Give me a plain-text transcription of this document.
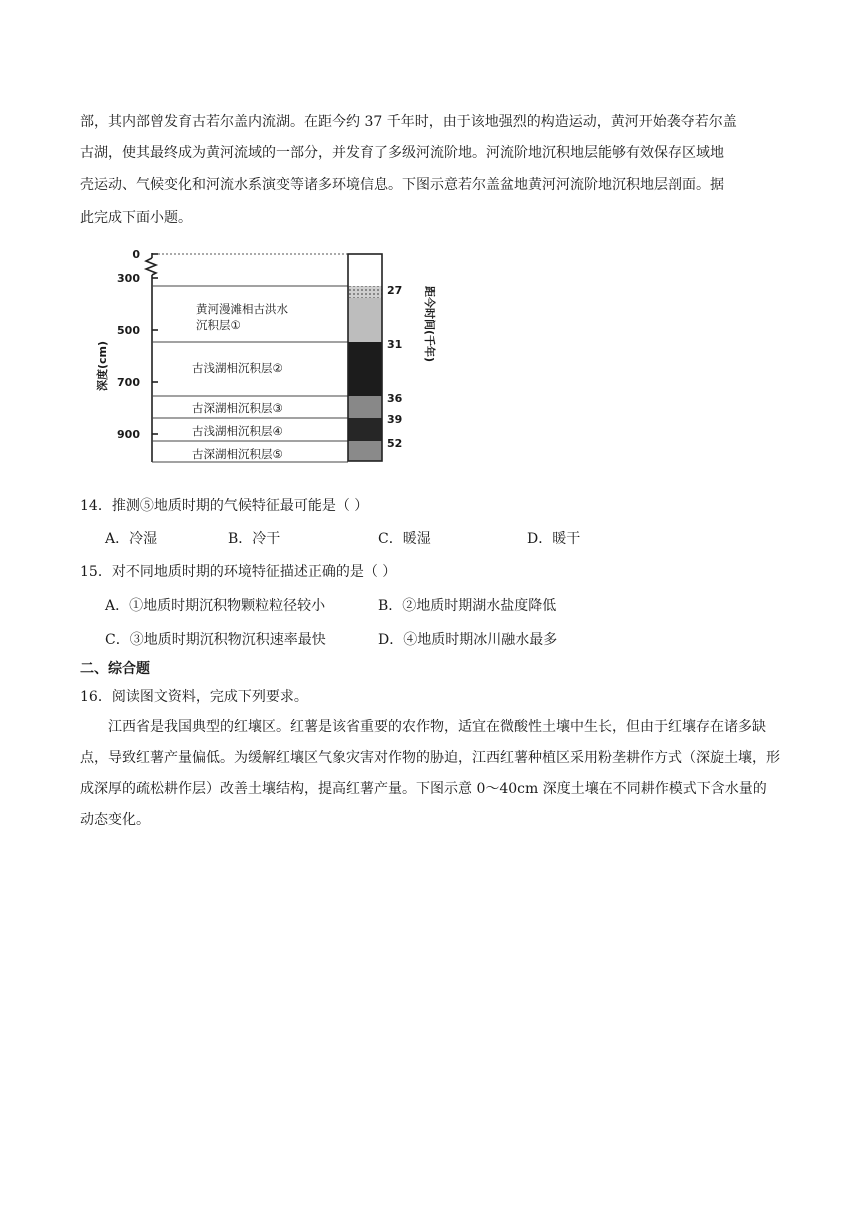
部，其内部曾发育古若尔盖内流湖。在距今约 37 千年时，由于该地强烈的构造运动，黄河开始袭夺若尔盖
古湖，使其最终成为黄河流域的一部分，并发育了多级河流阶地。河流阶地沉积地层能够有效保存区域地
壳运动、气候变化和河流水系演变等诸多环境信息。下图示意若尔盖盆地黄河河流阶地沉积地层剖面。据
此完成下面小题。
深度(cm)
0
300
500
700
900
黄河漫滩相古洪水
沉积层①
古浅湖相沉积层②
古深湖相沉积层③
古浅湖相沉积层④
古深湖相沉积层⑤
27
31
36
39
52
距今时间(千年)
14．推测⑤地质时期的气候特征最可能是（ ）
A．冷湿	B．冷干	C．暖湿	D．暖干
15．对不同地质时期的环境特征描述正确的是（ ）
A．①地质时期沉积物颗粒粒径较小	B．②地质时期湖水盐度降低
C．③地质时期沉积物沉积速率最快	D．④地质时期冰川融水最多
二、综合题
16．阅读图文资料，完成下列要求。

江西省是我国典型的红壤区。红薯是该省重要的农作物，适宜在微酸性土壤中生长，但由于红壤存在诸多缺点，导致红薯产量偏低。为缓解红壤区气象灾害对作物的胁迫，江西红薯种植区采用粉垄耕作方式（深旋土壤，形成深厚的疏松耕作层）改善土壤结构，提高红薯产量。下图示意 0～40cm 深度土壤在不同耕作模式下含水量的动态变化。
